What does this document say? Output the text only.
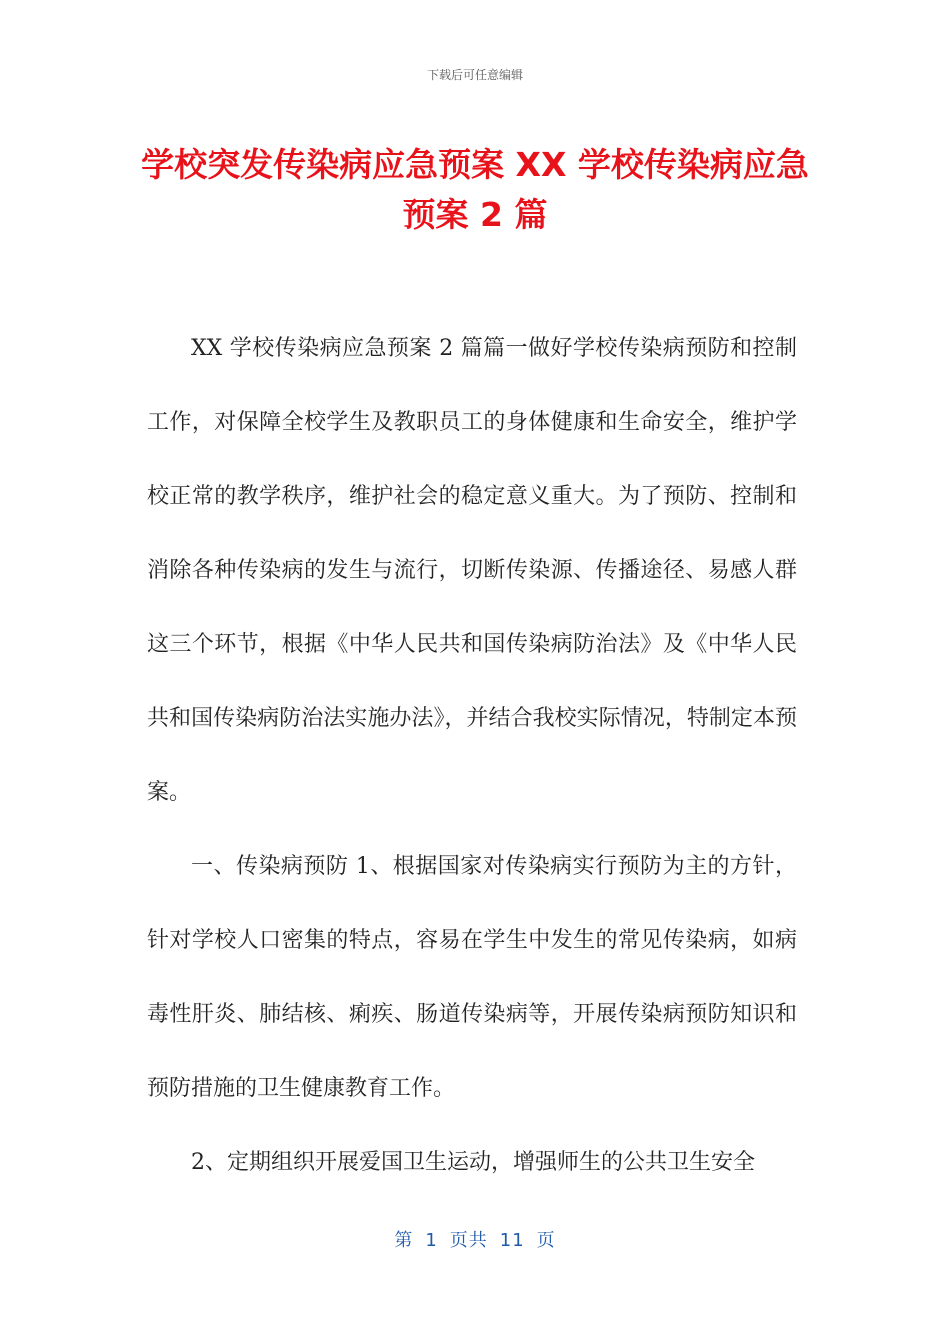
下载后可任意编辑
学校突发传染病应急预案 XX 学校传染病应急预案 2 篇

XX 学校传染病应急预案 2 篇篇一做好学校传染病预防和控制工作，对保障全校学生及教职员工的身体健康和生命安全，维护学校正常的教学秩序，维护社会的稳定意义重大。为了预防、控制和消除各种传染病的发生与流行，切断传染源、传播途径、易感人群这三个环节，根据《中华人民共和国传染病防治法》及《中华人民共和国传染病防治法实施办法》，并结合我校实际情况，特制定本预案。

一、传染病预防 1、根据国家对传染病实行预防为主的方针，针对学校人口密集的特点，容易在学生中发生的常见传染病，如病毒性肝炎、肺结核、痢疾、肠道传染病等，开展传染病预防知识和预防措施的卫生健康教育工作。

2、定期组织开展爱国卫生运动，增强师生的公共卫生安全

第 1 页共 11 页
